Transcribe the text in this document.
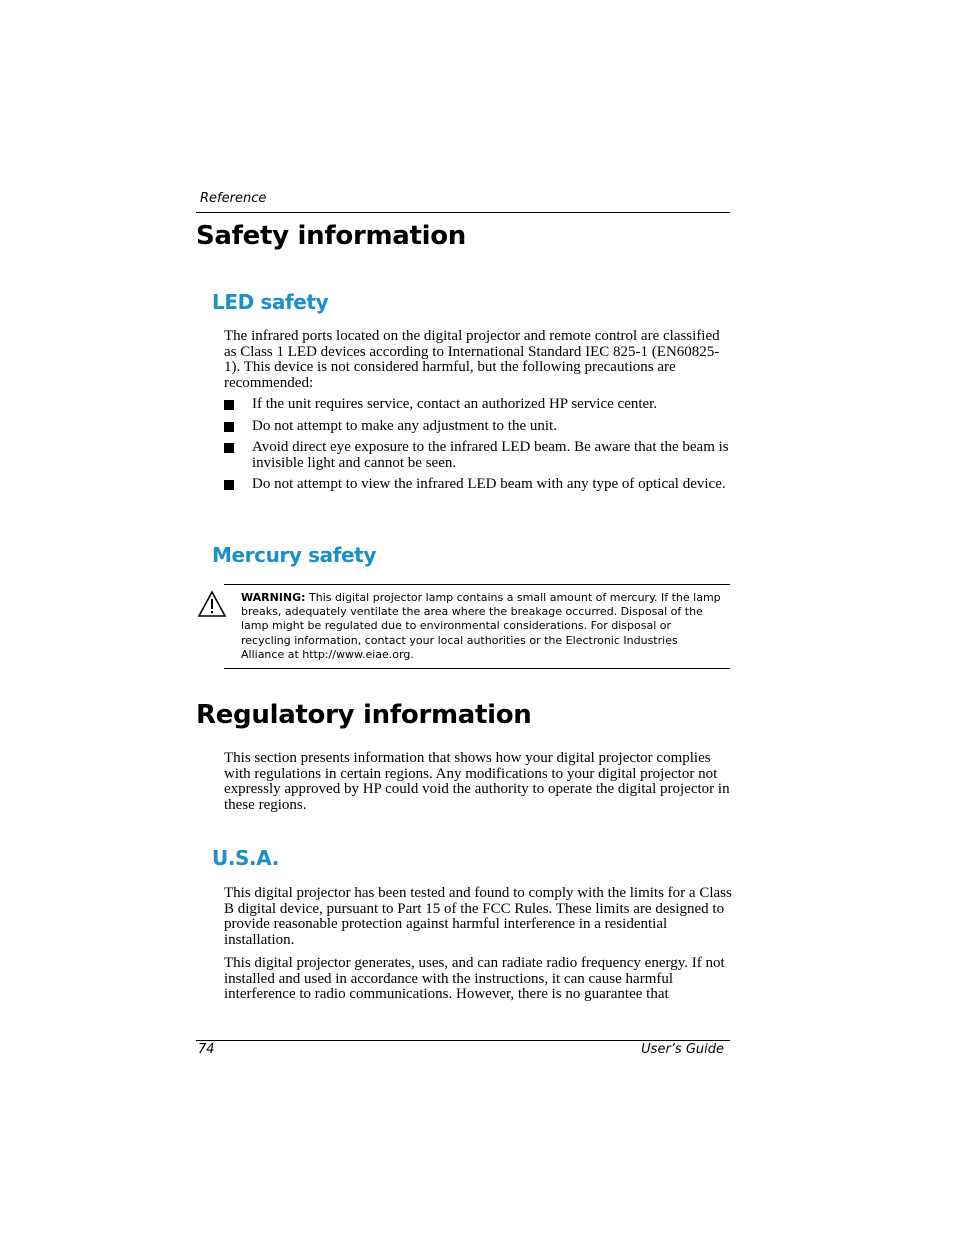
Reference
Safety information
LED safety

The infrared ports located on the digital projector and remote control are classified as Class 1 LED devices according to International Standard IEC 825-1 (EN60825-1). This device is not considered harmful, but the following precautions are recommended:

If the unit requires service, contact an authorized HP service center.
Do not attempt to make any adjustment to the unit.
Avoid direct eye exposure to the infrared LED beam. Be aware that the beam is invisible light and cannot be seen.
Do not attempt to view the infrared LED beam with any type of optical device.
Mercury safety

WARNING: This digital projector lamp contains a small amount of mercury. If the lamp breaks, adequately ventilate the area where the breakage occurred. Disposal of the lamp might be regulated due to environmental considerations. For disposal or recycling information, contact your local authorities or the Electronic Industries Alliance at http://www.eiae.org.

Regulatory information

This section presents information that shows how your digital projector complies with regulations in certain regions. Any modifications to your digital projector not expressly approved by HP could void the authority to operate the digital projector in these regions.

U.S.A.

This digital projector has been tested and found to comply with the limits for a Class B digital device, pursuant to Part 15 of the FCC Rules. These limits are designed to provide reasonable protection against harmful interference in a residential installation.

This digital projector generates, uses, and can radiate radio frequency energy. If not installed and used in accordance with the instructions, it can cause harmful interference to radio communications. However, there is no guarantee that

74	User’s Guide
